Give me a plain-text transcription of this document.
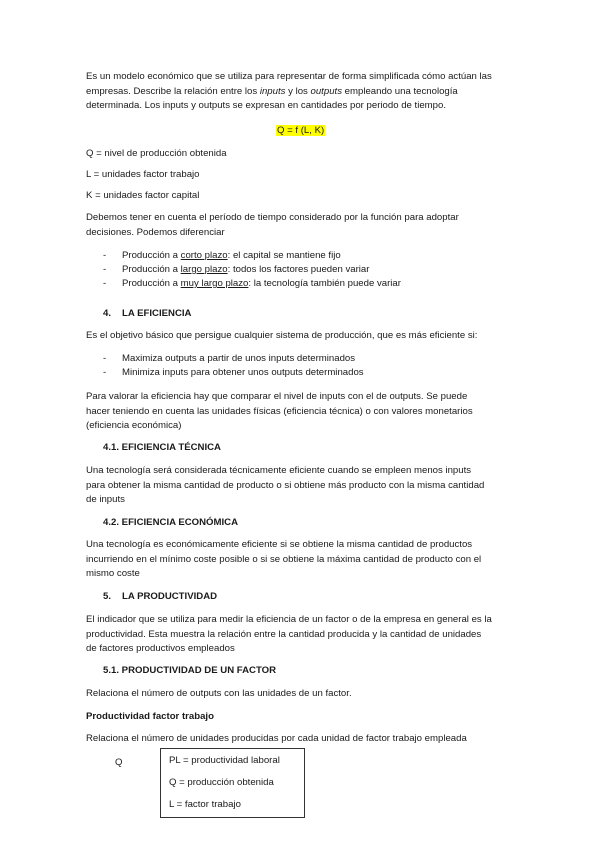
Es un modelo económico que se utiliza para representar de forma simplificada cómo actúan las
empresas. Describe la relación entre los inputs y los outputs empleando una tecnología
determinada. Los inputs y outputs se expresan en cantidades por periodo de tiempo.
Q = f (L, K)
Q = nivel de producción obtenida
L = unidades factor trabajo
K = unidades factor capital
Debemos tener en cuenta el período de tiempo considerado por la función para adoptar
decisiones. Podemos diferenciar
- Producción a corto plazo: el capital se mantiene fijo
- Producción a largo plazo: todos los factores pueden variar
- Producción a muy largo plazo: la tecnología también puede variar
4. LA EFICIENCIA
Es el objetivo básico que persigue cualquier sistema de producción, que es más eficiente si:
- Maximiza outputs a partir de unos inputs determinados
- Minimiza inputs para obtener unos outputs determinados
Para valorar la eficiencia hay que comparar el nivel de inputs con el de outputs. Se puede
hacer teniendo en cuenta las unidades físicas (eficiencia técnica) o con valores monetarios
(eficiencia económica)
4.1. EFICIENCIA TÉCNICA
Una tecnología será considerada técnicamente eficiente cuando se empleen menos inputs
para obtener la misma cantidad de producto o si obtiene más producto con la misma cantidad
de inputs
4.2. EFICIENCIA ECONÓMICA
Una tecnología es económicamente eficiente si se obtiene la misma cantidad de productos
incurriendo en el mínimo coste posible o si se obtiene la máxima cantidad de producto con el
mismo coste
5. LA PRODUCTIVIDAD
El indicador que se utiliza para medir la eficiencia de un factor o de la empresa en general es la
productividad. Esta muestra la relación entre la cantidad producida y la cantidad de unidades
de factores productivos empleados
5.1. PRODUCTIVIDAD DE UN FACTOR
Relaciona el número de outputs con las unidades de un factor.
Productividad factor trabajo
Relaciona el número de unidades producidas por cada unidad de factor trabajo empleada
Q	PL = productividad laboral
Q = producción obtenida
L = factor trabajo
